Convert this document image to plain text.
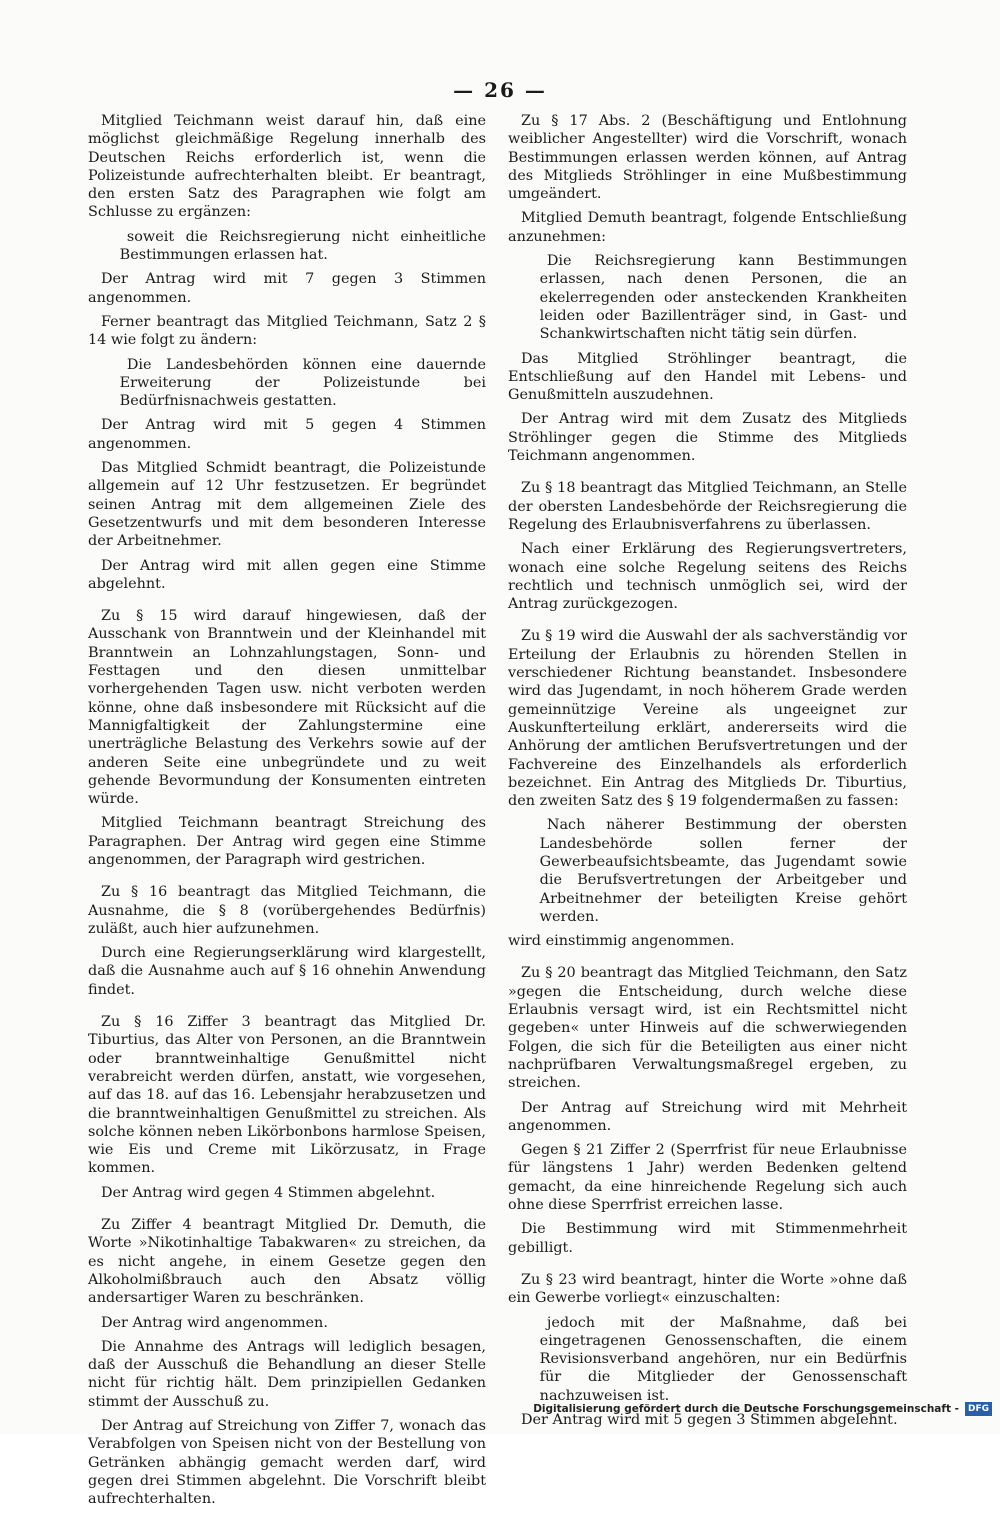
— 26 —

Mitglied Teichmann weist darauf hin, daß eine möglichst gleichmäßige Regelung innerhalb des Deutschen Reichs erforderlich ist, wenn die Polizeistunde aufrechterhalten bleibt. Er beantragt, den ersten Satz des Paragraphen wie folgt am Schlusse zu ergänzen:

soweit die Reichsregierung nicht einheitliche Bestimmungen erlassen hat.

Der Antrag wird mit 7 gegen 3 Stimmen angenommen.

Ferner beantragt das Mitglied Teichmann, Satz 2 § 14 wie folgt zu ändern:

Die Landesbehörden können eine dauernde Erweiterung der Polizeistunde bei Bedürfnisnachweis gestatten.

Der Antrag wird mit 5 gegen 4 Stimmen angenommen.

Das Mitglied Schmidt beantragt, die Polizeistunde allgemein auf 12 Uhr festzusetzen. Er begründet seinen Antrag mit dem allgemeinen Ziele des Gesetzentwurfs und mit dem besonderen Interesse der Arbeitnehmer.

Der Antrag wird mit allen gegen eine Stimme abgelehnt.

Zu § 15 wird darauf hingewiesen, daß der Ausschank von Branntwein und der Kleinhandel mit Branntwein an Lohnzahlungstagen, Sonn- und Festtagen und den diesen unmittelbar vorhergehenden Tagen usw. nicht verboten werden könne, ohne daß insbesondere mit Rücksicht auf die Mannigfaltigkeit der Zahlungstermine eine unerträgliche Belastung des Verkehrs sowie auf der anderen Seite eine unbegründete und zu weit gehende Bevormundung der Konsumenten eintreten würde.

Mitglied Teichmann beantragt Streichung des Paragraphen. Der Antrag wird gegen eine Stimme angenommen, der Paragraph wird gestrichen.

Zu § 16 beantragt das Mitglied Teichmann, die Ausnahme, die § 8 (vorübergehendes Bedürfnis) zuläßt, auch hier aufzunehmen.

Durch eine Regierungserklärung wird klargestellt, daß die Ausnahme auch auf § 16 ohnehin Anwendung findet.

Zu § 16 Ziffer 3 beantragt das Mitglied Dr. Tiburtius, das Alter von Personen, an die Branntwein oder branntweinhaltige Genußmittel nicht verabreicht werden dürfen, anstatt, wie vorgesehen, auf das 18. auf das 16. Lebensjahr herabzusetzen und die branntweinhaltigen Genußmittel zu streichen. Als solche können neben Likörbonbons harmlose Speisen, wie Eis und Creme mit Likörzusatz, in Frage kommen.

Der Antrag wird gegen 4 Stimmen abgelehnt.

Zu Ziffer 4 beantragt Mitglied Dr. Demuth, die Worte »Nikotinhaltige Tabakwaren« zu streichen, da es nicht angehe, in einem Gesetze gegen den Alkoholmißbrauch auch den Absatz völlig andersartiger Waren zu beschränken.

Der Antrag wird angenommen.

Die Annahme des Antrags will lediglich besagen, daß der Ausschuß die Behandlung an dieser Stelle nicht für richtig hält. Dem prinzipiellen Gedanken stimmt der Ausschuß zu.

Der Antrag auf Streichung von Ziffer 7, wonach das Verabfolgen von Speisen nicht von der Bestellung von Getränken abhängig gemacht werden darf, wird gegen drei Stimmen abgelehnt. Die Vorschrift bleibt aufrechterhalten.

Zu § 17 Abs. 2 (Beschäftigung und Entlohnung weiblicher Angestellter) wird die Vorschrift, wonach Bestimmungen erlassen werden können, auf Antrag des Mitglieds Ströhlinger in eine Mußbestimmung umgeändert.

Mitglied Demuth beantragt, folgende Entschließung anzunehmen:

Die Reichsregierung kann Bestimmungen erlassen, nach denen Personen, die an ekelerregenden oder ansteckenden Krankheiten leiden oder Bazillenträger sind, in Gast- und Schankwirtschaften nicht tätig sein dürfen.

Das Mitglied Ströhlinger beantragt, die Entschließung auf den Handel mit Lebens- und Genußmitteln auszudehnen.

Der Antrag wird mit dem Zusatz des Mitglieds Ströhlinger gegen die Stimme des Mitglieds Teichmann angenommen.

Zu § 18 beantragt das Mitglied Teichmann, an Stelle der obersten Landesbehörde der Reichsregierung die Regelung des Erlaubnisverfahrens zu überlassen.

Nach einer Erklärung des Regierungsvertreters, wonach eine solche Regelung seitens des Reichs rechtlich und technisch unmöglich sei, wird der Antrag zurückgezogen.

Zu § 19 wird die Auswahl der als sachverständig vor Erteilung der Erlaubnis zu hörenden Stellen in verschiedener Richtung beanstandet. Insbesondere wird das Jugendamt, in noch höherem Grade werden gemeinnützige Vereine als ungeeignet zur Auskunfterteilung erklärt, andererseits wird die Anhörung der amtlichen Berufsvertretungen und der Fachvereine des Einzelhandels als erforderlich bezeichnet. Ein Antrag des Mitglieds Dr. Tiburtius, den zweiten Satz des § 19 folgendermaßen zu fassen:

Nach näherer Bestimmung der obersten Landesbehörde sollen ferner der Gewerbeaufsichtsbeamte, das Jugendamt sowie die Berufsvertretungen der Arbeitgeber und Arbeitnehmer der beteiligten Kreise gehört werden.

wird einstimmig angenommen.

Zu § 20 beantragt das Mitglied Teichmann, den Satz »gegen die Entscheidung, durch welche diese Erlaubnis versagt wird, ist ein Rechtsmittel nicht gegeben« unter Hinweis auf die schwerwiegenden Folgen, die sich für die Beteiligten aus einer nicht nachprüfbaren Verwaltungsmaßregel ergeben, zu streichen.

Der Antrag auf Streichung wird mit Mehrheit angenommen.

Gegen § 21 Ziffer 2 (Sperrfrist für neue Erlaubnisse für längstens 1 Jahr) werden Bedenken geltend gemacht, da eine hinreichende Regelung sich auch ohne diese Sperrfrist erreichen lasse.

Die Bestimmung wird mit Stimmenmehrheit gebilligt.

Zu § 23 wird beantragt, hinter die Worte »ohne daß ein Gewerbe vorliegt« einzuschalten:

jedoch mit der Maßnahme, daß bei eingetragenen Genossenschaften, die einem Revisionsverband angehören, nur ein Bedürfnis für die Mitglieder der Genossenschaft nachzuweisen ist.

Der Antrag wird mit 5 gegen 3 Stimmen abgelehnt.

Digitalisierung gefördert durch die Deutsche Forschungsgemeinschaft -	DFG
